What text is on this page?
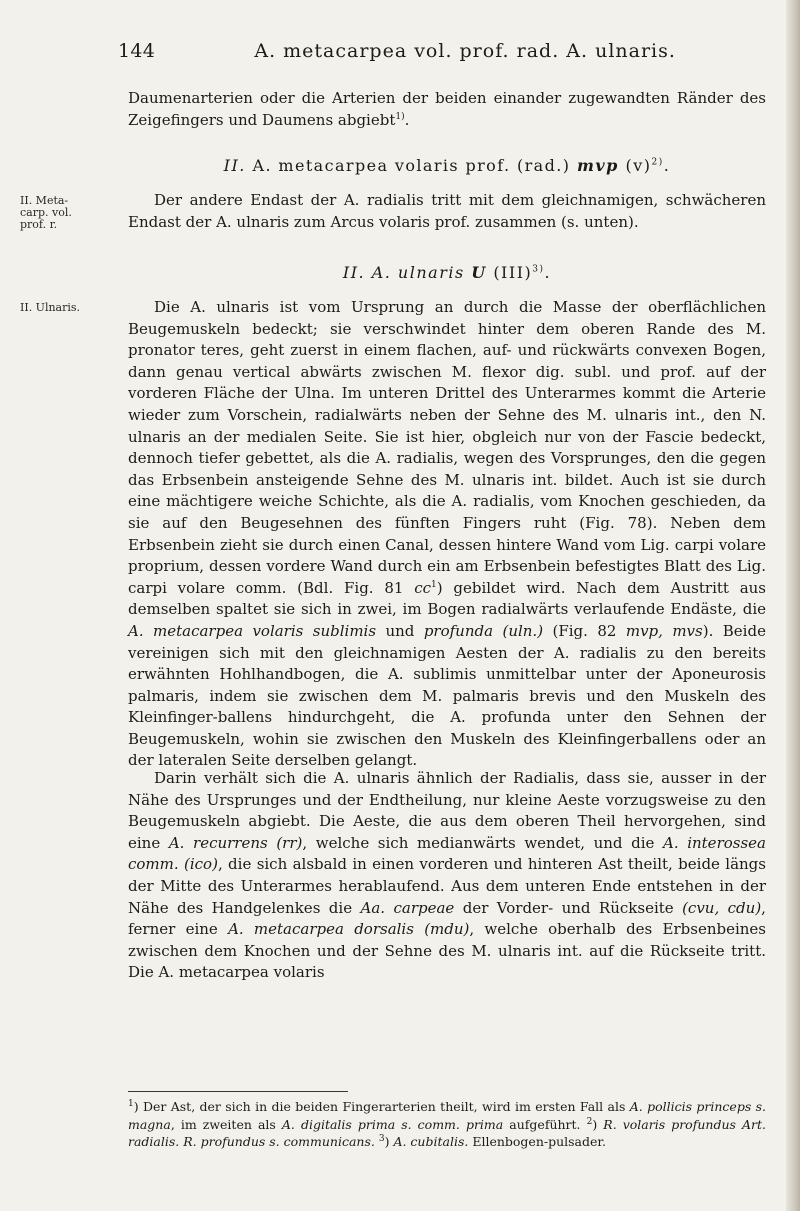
144	A. metacarpea vol. prof. rad. A. ulnaris.
Daumenarterien oder die Arterien der beiden einander zugewandten Ränder des Zeigefingers und Daumens abgiebt$^{1)}$.
II. A. metacarpea volaris prof. (rad.) mvp $(v)^{2)}$.
II. Meta-carp. vol. prof. r.
Der andere Endast der A. radialis tritt mit dem gleichnamigen, schwächeren Endast der A. ulnaris zum Arcus volaris prof. zusammen (s. unten).
II. A. ulnaris U (III)$^{3)}$.
II. Ulnaris.	Die A. ulnaris ist vom Ursprung an durch die Masse der oberflächlichen Beugemuskeln bedeckt; sie verschwindet hinter dem oberen Rande des M. pronator teres, geht zuerst in einem flachen, auf- und rückwärts convexen Bogen, dann genau vertical abwärts zwischen M. flexor dig. subl. und prof. auf der vorderen Fläche der Ulna. Im unteren Drittel des Unterarmes kommt die Arterie wieder zum Vorschein, radialwärts neben der Sehne des M. ulnaris int., den N. ulnaris an der medialen Seite. Sie ist hier, obgleich nur von der Fascie bedeckt, dennoch tiefer gebettet, als die A. radialis, wegen des Vorsprunges, den die gegen das Erbsenbein ansteigende Sehne des M. ulnaris int. bildet. Auch ist sie durch eine mächtigere weiche Schichte, als die A. radialis, vom Knochen geschieden, da sie auf den Beugesehnen des fünften Fingers ruht (Fig. 78). Neben dem Erbsenbein zieht sie durch einen Canal, dessen hintere Wand vom Lig. carpi volare proprium, dessen vordere Wand durch ein am Erbsenbein befestigtes Blatt des Lig. carpi volare comm. (Bdl. Fig. 81 $cc^1$) gebildet wird. Nach dem Austritt aus demselben spaltet sie sich in zwei, im Bogen radialwärts verlaufende Endäste, die A. metacarpea volaris sublimis und profunda (uln.) (Fig. 82 mvp, mvs). Beide vereinigen sich mit den gleichnamigen Aesten der A. radialis zu den bereits erwähnten Hohlhandbogen, die A. sublimis unmittelbar unter der Aponeurosis palmaris, indem sie zwischen dem M. palmaris brevis und den Muskeln des Kleinfinger-ballens hindurchgeht, die A. profunda unter den Sehnen der Beugemuskeln, wohin sie zwischen den Muskeln des Kleinfingerballens oder an der lateralen Seite derselben gelangt.
Darin verhält sich die A. ulnaris ähnlich der Radialis, dass sie, ausser in der Nähe des Ursprunges und der Endtheilung, nur kleine Aeste vorzugsweise zu den Beugemuskeln abgiebt. Die Aeste, die aus dem oberen Theil hervorgehen, sind eine A. recurrens (rr), welche sich medianwärts wendet, und die A. interossea comm. (ico), die sich alsbald in einen vorderen und hinteren Ast theilt, beide längs der Mitte des Unterarmes herablaufend. Aus dem unteren Ende entstehen in der Nähe des Handgelenkes die Aa. carpeae der Vorder- und Rückseite (cvu, cdu), ferner eine A. metacarpea dorsalis (mdu), welche oberhalb des Erbsenbeines zwischen dem Knochen und der Sehne des M. ulnaris int. auf die Rückseite tritt. Die A. metacarpea volaris
$^1$) Der Ast, der sich in die beiden Fingerarterien theilt, wird im ersten Fall als A. pollicis princeps s. magna, im zweiten als A. digitalis prima s. comm. prima aufgeführt. $^2$) R. volaris profundus Art. radialis. R. profundus s. communicans. $^3$) A. cubitalis. Ellenbogen-pulsader.
